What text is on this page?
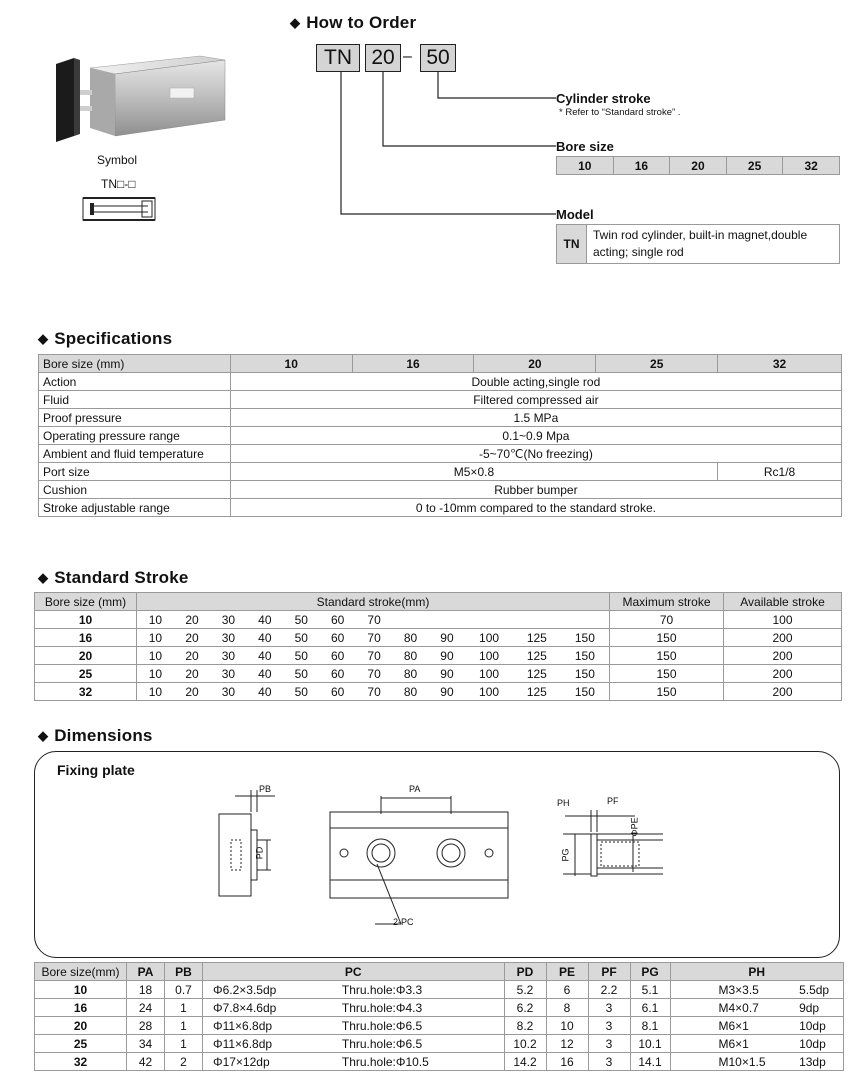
Symbol
TN□-□
◆ How to Order
TN 20 – 50
Cylinder stroke
* Refer to “Standard stroke” .
Bore size
10	16	20	25	32
Model
TN	Twin rod cylinder, built-in magnet,double acting; single rod
◆ Specifications
Bore size (mm)	10	16	20	25	32
Action	Double acting,single rod				
Fluid	Filtered compressed air				
Proof pressure	1.5 MPa				
Operating pressure range	0.1~0.9 Mpa				
Ambient and fluid temperature	-5~70℃(No freezing)				
Port size	M5×0.8				Rc1/8
Cushion	Rubber bumper				
Stroke adjustable range	0 to -10mm compared to the standard stroke.				
◆ Standard Stroke
Bore size (mm)	Standard stroke(mm)												Maximum stroke	Available stroke
10	10	20	30	40	50	60	70						70	100
16	10	20	30	40	50	60	70	80	90	100	125	150	150	200
20	10	20	30	40	50	60	70	80	90	100	125	150	150	200
25	10	20	30	40	50	60	70	80	90	100	125	150	150	200
32	10	20	30	40	50	60	70	80	90	100	125	150	150	200
◆ Dimensions
Fixing plate
PB
PD
PA
2-PC
PH	PF
ΦPE
PG
Bore size(mm)	PA	PB	PC		PD	PE	PF	PG	PH	
10	18	0.7	Φ6.2×3.5dp	Thru.hole:Φ3.3	5.2	6	2.2	5.1	M3×3.5	5.5dp
16	24	1	Φ7.8×4.6dp	Thru.hole:Φ4.3	6.2	8	3	6.1	M4×0.7	9dp
20	28	1	Φ11×6.8dp	Thru.hole:Φ6.5	8.2	10	3	8.1	M6×1	10dp
25	34	1	Φ11×6.8dp	Thru.hole:Φ6.5	10.2	12	3	10.1	M6×1	10dp
32	42	2	Φ17×12dp	Thru.hole:Φ10.5	14.2	16	3	14.1	M10×1.5	13dp
